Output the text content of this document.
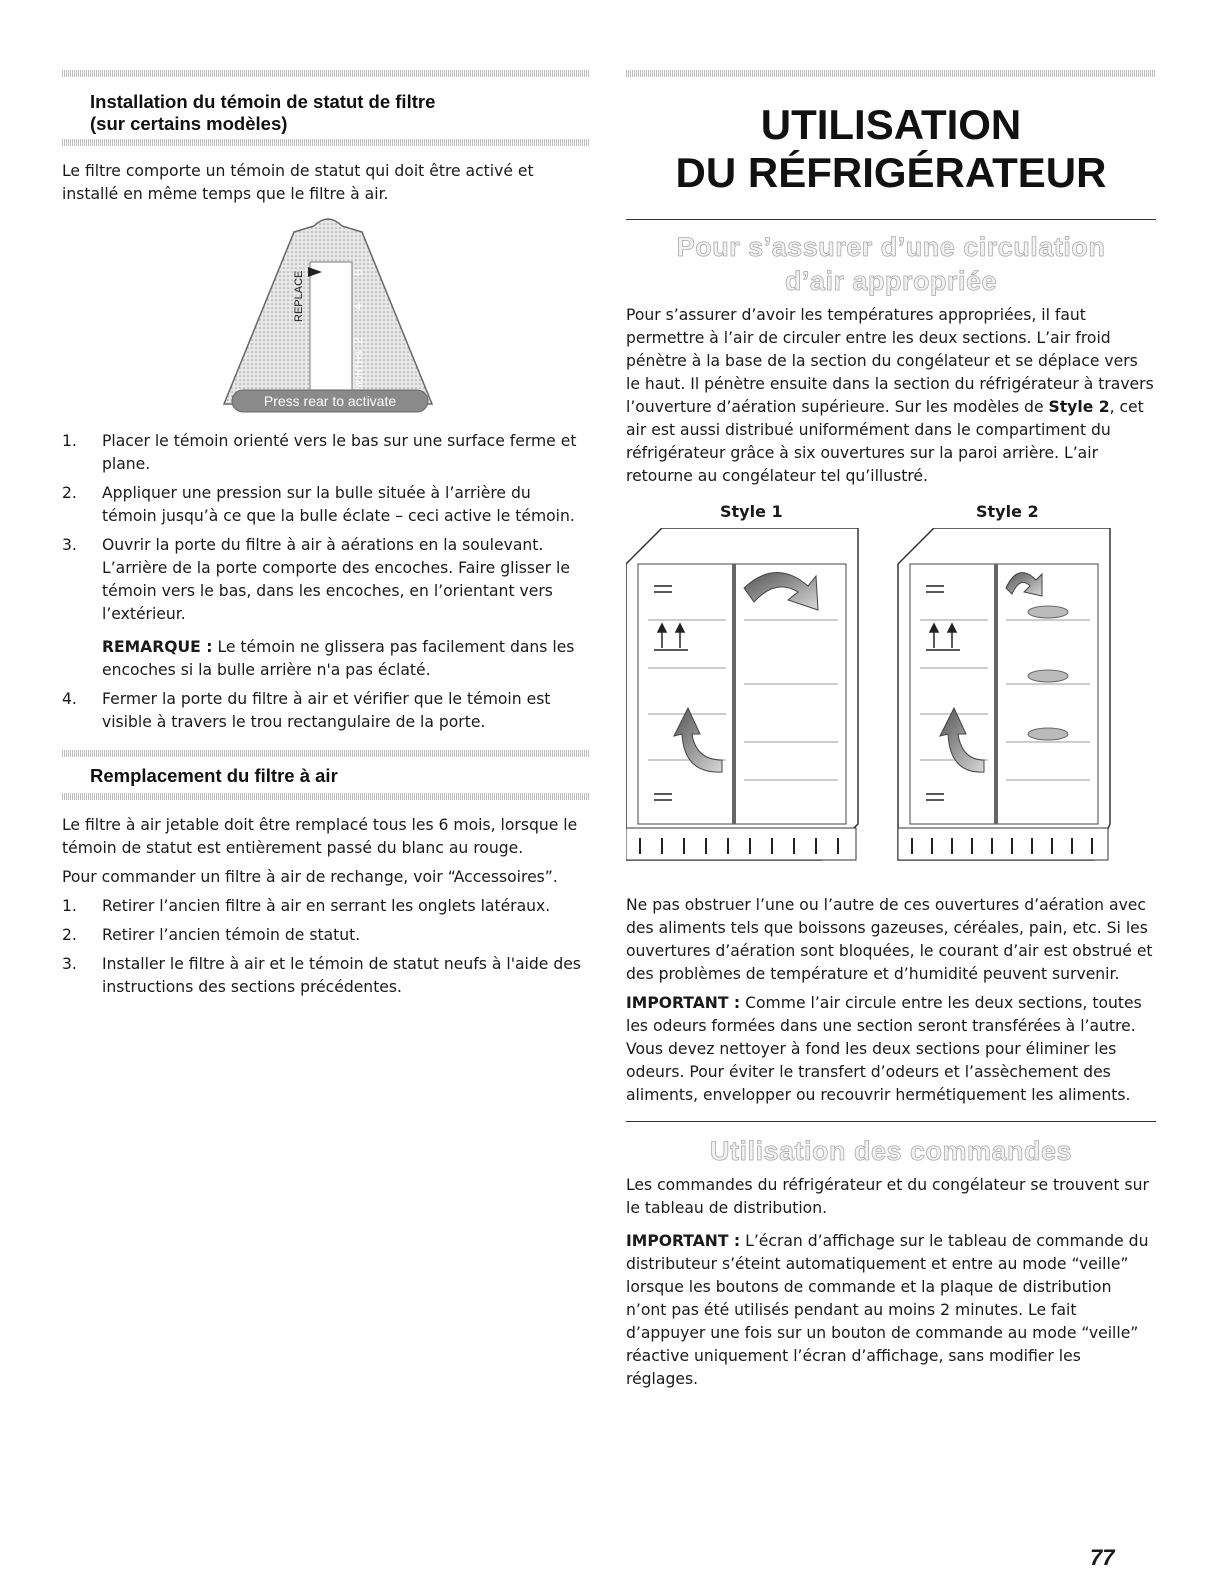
Installation du témoin de statut de filtre
(sur certains modèles)

Le filtre comporte un témoin de statut qui doit être activé et installé en même temps que le filtre à air.

REPLACE	6
4
2
MONTHS
Press rear to activate
1. Placer le témoin orienté vers le bas sur une surface ferme et plane.
2. Appliquer une pression sur la bulle située à l’arrière du témoin jusqu’à ce que la bulle éclate – ceci active le témoin.
3. Ouvrir la porte du filtre à air à aérations en la soulevant. L’arrière de la porte comporte des encoches. Faire glisser le témoin vers le bas, dans les encoches, en l’orientant vers l’extérieur.
REMARQUE : Le témoin ne glissera pas facilement dans les encoches si la bulle arrière n'a pas éclaté.
4. Fermer la porte du filtre à air et vérifier que le témoin est visible à travers le trou rectangulaire de la porte.
Remplacement du filtre à air

Le filtre à air jetable doit être remplacé tous les 6 mois, lorsque le témoin de statut est entièrement passé du blanc au rouge.

Pour commander un filtre à air de rechange, voir “Accessoires”.

1. Retirer l’ancien filtre à air en serrant les onglets latéraux.
2. Retirer l’ancien témoin de statut.
3. Installer le filtre à air et le témoin de statut neufs à l'aide des instructions des sections précédentes.
UTILISATION
DU RÉFRIGÉRATEUR
Pour s’assurer d’une circulation
d’air appropriée

Pour s’assurer d’avoir les températures appropriées, il faut permettre à l’air de circuler entre les deux sections. L’air froid pénètre à la base de la section du congélateur et se déplace vers le haut. Il pénètre ensuite dans la section du réfrigérateur à travers l’ouverture d’aération supérieure. Sur les modèles de Style 2, cet air est aussi distribué uniformément dans le compartiment du réfrigérateur grâce à six ouvertures sur la paroi arrière. L’air retourne au congélateur tel qu’illustré.

Style 1	Style 2

Ne pas obstruer l’une ou l’autre de ces ouvertures d’aération avec des aliments tels que boissons gazeuses, céréales, pain, etc. Si les ouvertures d’aération sont bloquées, le courant d’air est obstrué et des problèmes de température et d’humidité peuvent survenir.

IMPORTANT : Comme l’air circule entre les deux sections, toutes les odeurs formées dans une section seront transférées à l’autre. Vous devez nettoyer à fond les deux sections pour éliminer les odeurs. Pour éviter le transfert d’odeurs et l’assèchement des aliments, envelopper ou recouvrir hermétiquement les aliments.

Utilisation des commandes

Les commandes du réfrigérateur et du congélateur se trouvent sur le tableau de distribution.

IMPORTANT : L’écran d’affichage sur le tableau de commande du distributeur s’éteint automatiquement et entre au mode “veille” lorsque les boutons de commande et la plaque de distribution n’ont pas été utilisés pendant au moins 2 minutes. Le fait d’appuyer une fois sur un bouton de commande au mode “veille” réactive uniquement l’écran d’affichage, sans modifier les réglages.

77
